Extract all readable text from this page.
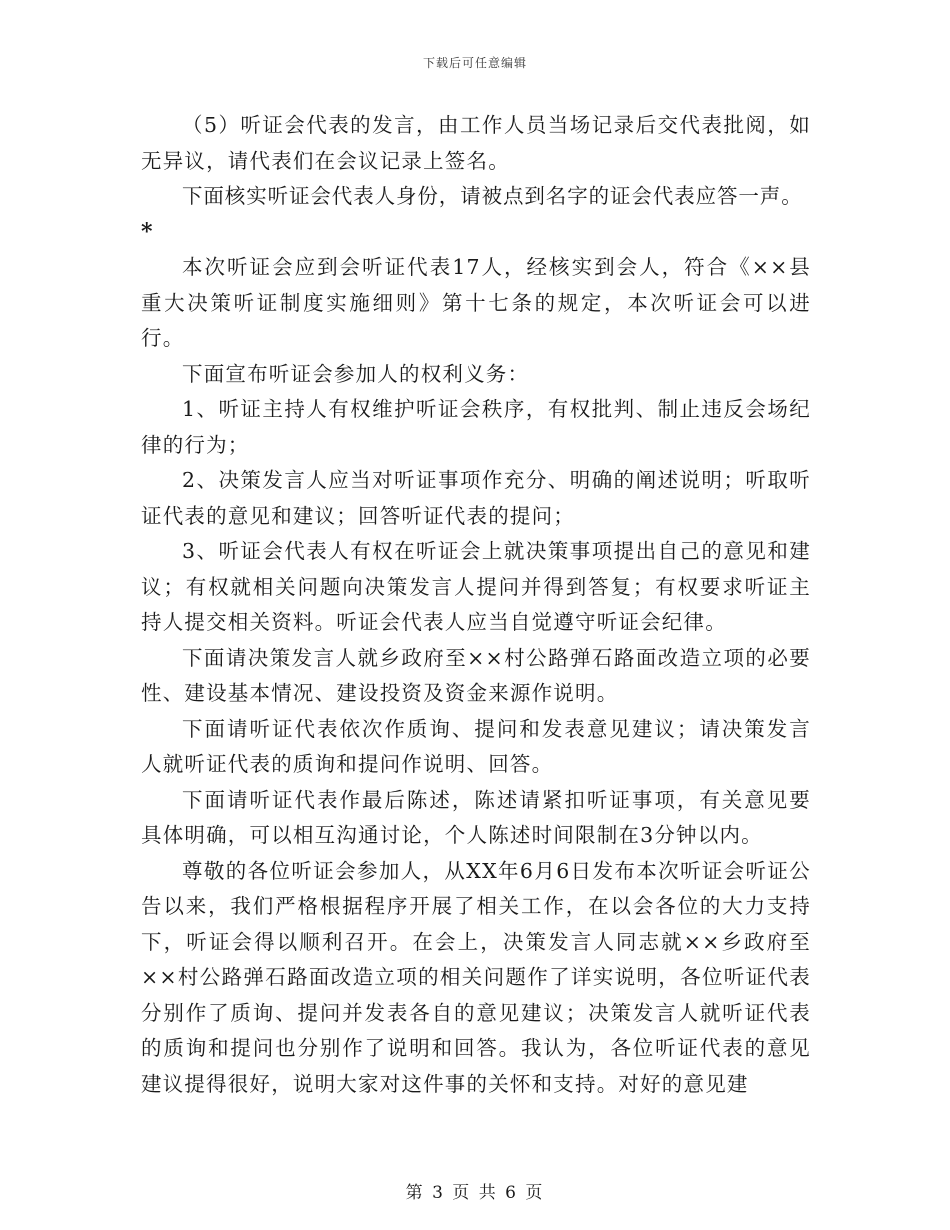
下载后可任意编辑

（5）听证会代表的发言，由工作人员当场记录后交代表批阅，如无异议，请代表们在会议记录上签名。

下面核实听证会代表人身份，请被点到名字的证会代表应答一声。

*

本次听证会应到会听证代表17人，经核实到会人，符合《××县重大决策听证制度实施细则》第十七条的规定，本次听证会可以进行。

下面宣布听证会参加人的权利义务：

1、听证主持人有权维护听证会秩序，有权批判、制止违反会场纪律的行为；

2、决策发言人应当对听证事项作充分、明确的阐述说明；听取听证代表的意见和建议；回答听证代表的提问；

3、听证会代表人有权在听证会上就决策事项提出自己的意见和建议；有权就相关问题向决策发言人提问并得到答复；有权要求听证主持人提交相关资料。听证会代表人应当自觉遵守听证会纪律。

下面请决策发言人就乡政府至××村公路弹石路面改造立项的必要性、建设基本情况、建设投资及资金来源作说明。

下面请听证代表依次作质询、提问和发表意见建议；请决策发言人就听证代表的质询和提问作说明、回答。

下面请听证代表作最后陈述，陈述请紧扣听证事项，有关意见要具体明确，可以相互沟通讨论，个人陈述时间限制在3分钟以内。

尊敬的各位听证会参加人，从XX年6月6日发布本次听证会听证公告以来，我们严格根据程序开展了相关工作，在以会各位的大力支持下，听证会得以顺利召开。在会上，决策发言人同志就××乡政府至××村公路弹石路面改造立项的相关问题作了详实说明，各位听证代表分别作了质询、提问并发表各自的意见建议；决策发言人就听证代表的质询和提问也分别作了说明和回答。我认为，各位听证代表的意见建议提得很好，说明大家对这件事的关怀和支持。对好的意见建

第 3 页 共 6 页
